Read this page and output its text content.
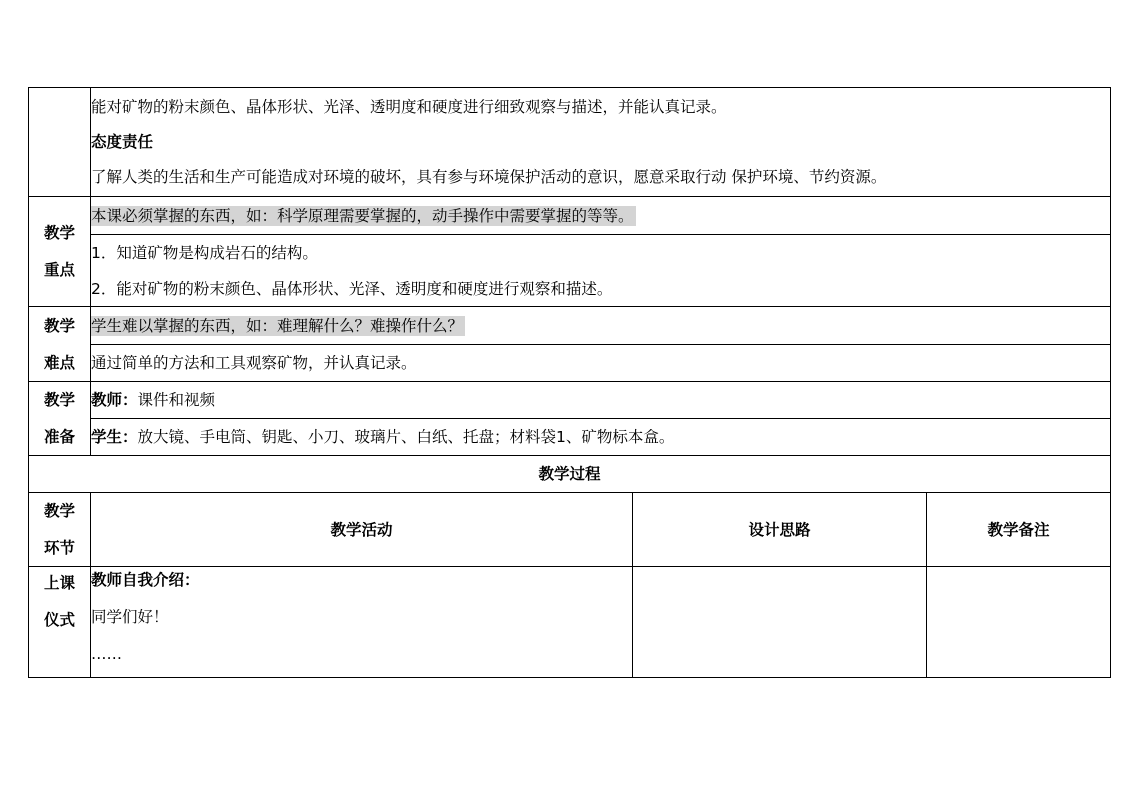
	能对矿物的粉末颜色、晶体形状、光泽、透明度和硬度进行细致观察与描述，并能认真记录。
态度责任
了解人类的生活和生产可能造成对环境的破坏，具有参与环境保护活动的意识，愿意采取行动 保护环境、节约资源。		

教学
重点	本课必须掌握的东西，如：科学原理需要掌握的，动手操作中需要掌握的等等。		

	1．知道矿物是构成岩石的结构。
2．能对矿物的粉末颜色、晶体形状、光泽、透明度和硬度进行观察和描述。		

教学
难点	学生难以掌握的东西，如：难理解什么？难操作什么？		
	通过简单的方法和工具观察矿物，并认真记录。		

教学
准备	教师：课件和视频		
	学生：放大镜、手电筒、钥匙、小刀、玻璃片、白纸、托盘；材料袋1、矿物标本盒。		
教学过程			

教学
环节	教学活动	设计思路	教学备注

上课
仪式	教师自我介绍：
同学们好！
……		
